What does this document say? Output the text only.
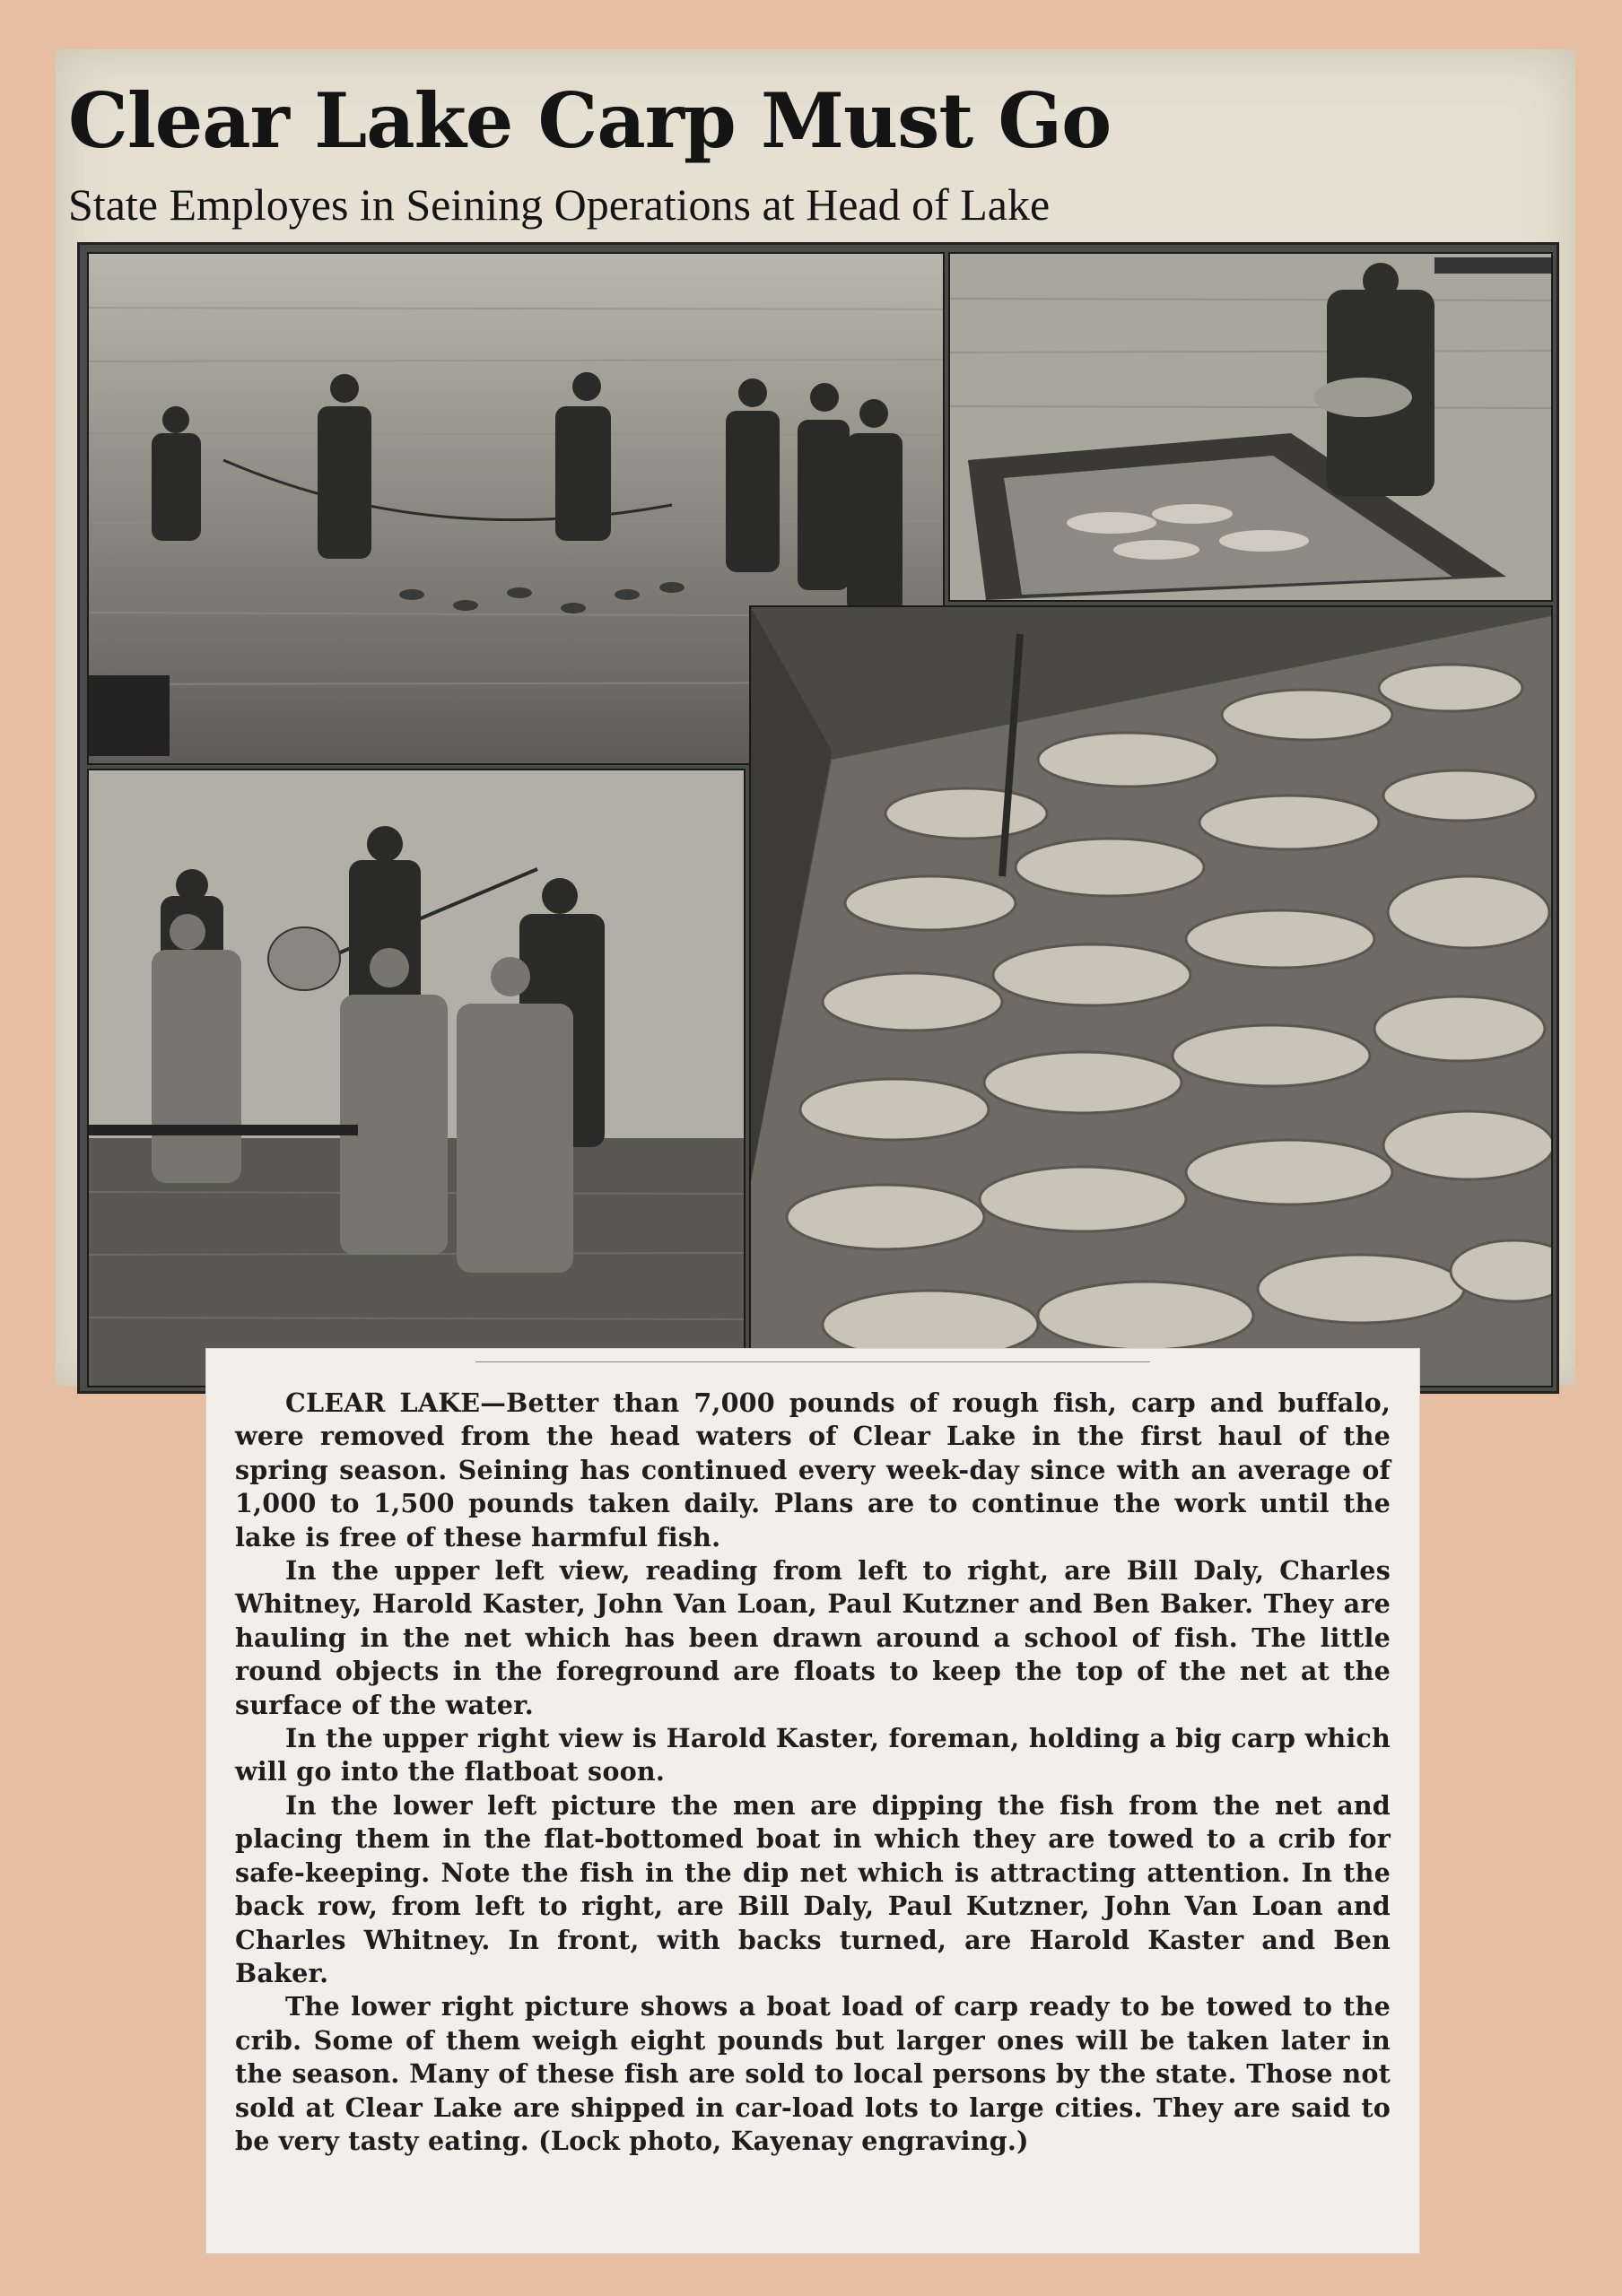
Clear Lake Carp Must Go
State Employes in Seining Operations at Head of Lake

CLEAR LAKE—Better than 7,000 pounds of rough fish, carp and buffalo, were removed from the head waters of Clear Lake in the first haul of the spring season. Seining has continued every week-day since with an average of 1,000 to 1,500 pounds taken daily. Plans are to continue the work until the lake is free of these harmful fish.

In the upper left view, reading from left to right, are Bill Daly, Charles Whitney, Harold Kaster, John Van Loan, Paul Kutzner and Ben Baker. They are hauling in the net which has been drawn around a school of fish. The little round objects in the foreground are floats to keep the top of the net at the surface of the water.

In the upper right view is Harold Kaster, foreman, holding a big carp which will go into the flatboat soon.

In the lower left picture the men are dipping the fish from the net and placing them in the flat-bottomed boat in which they are towed to a crib for safe-keeping. Note the fish in the dip net which is attracting attention. In the back row, from left to right, are Bill Daly, Paul Kutzner, John Van Loan and Charles Whitney. In front, with backs turned, are Harold Kaster and Ben Baker.

The lower right picture shows a boat load of carp ready to be towed to the crib. Some of them weigh eight pounds but larger ones will be taken later in the season. Many of these fish are sold to local persons by the state. Those not sold at Clear Lake are shipped in car-load lots to large cities. They are said to be very tasty eating. (Lock photo, Kayenay engraving.)
